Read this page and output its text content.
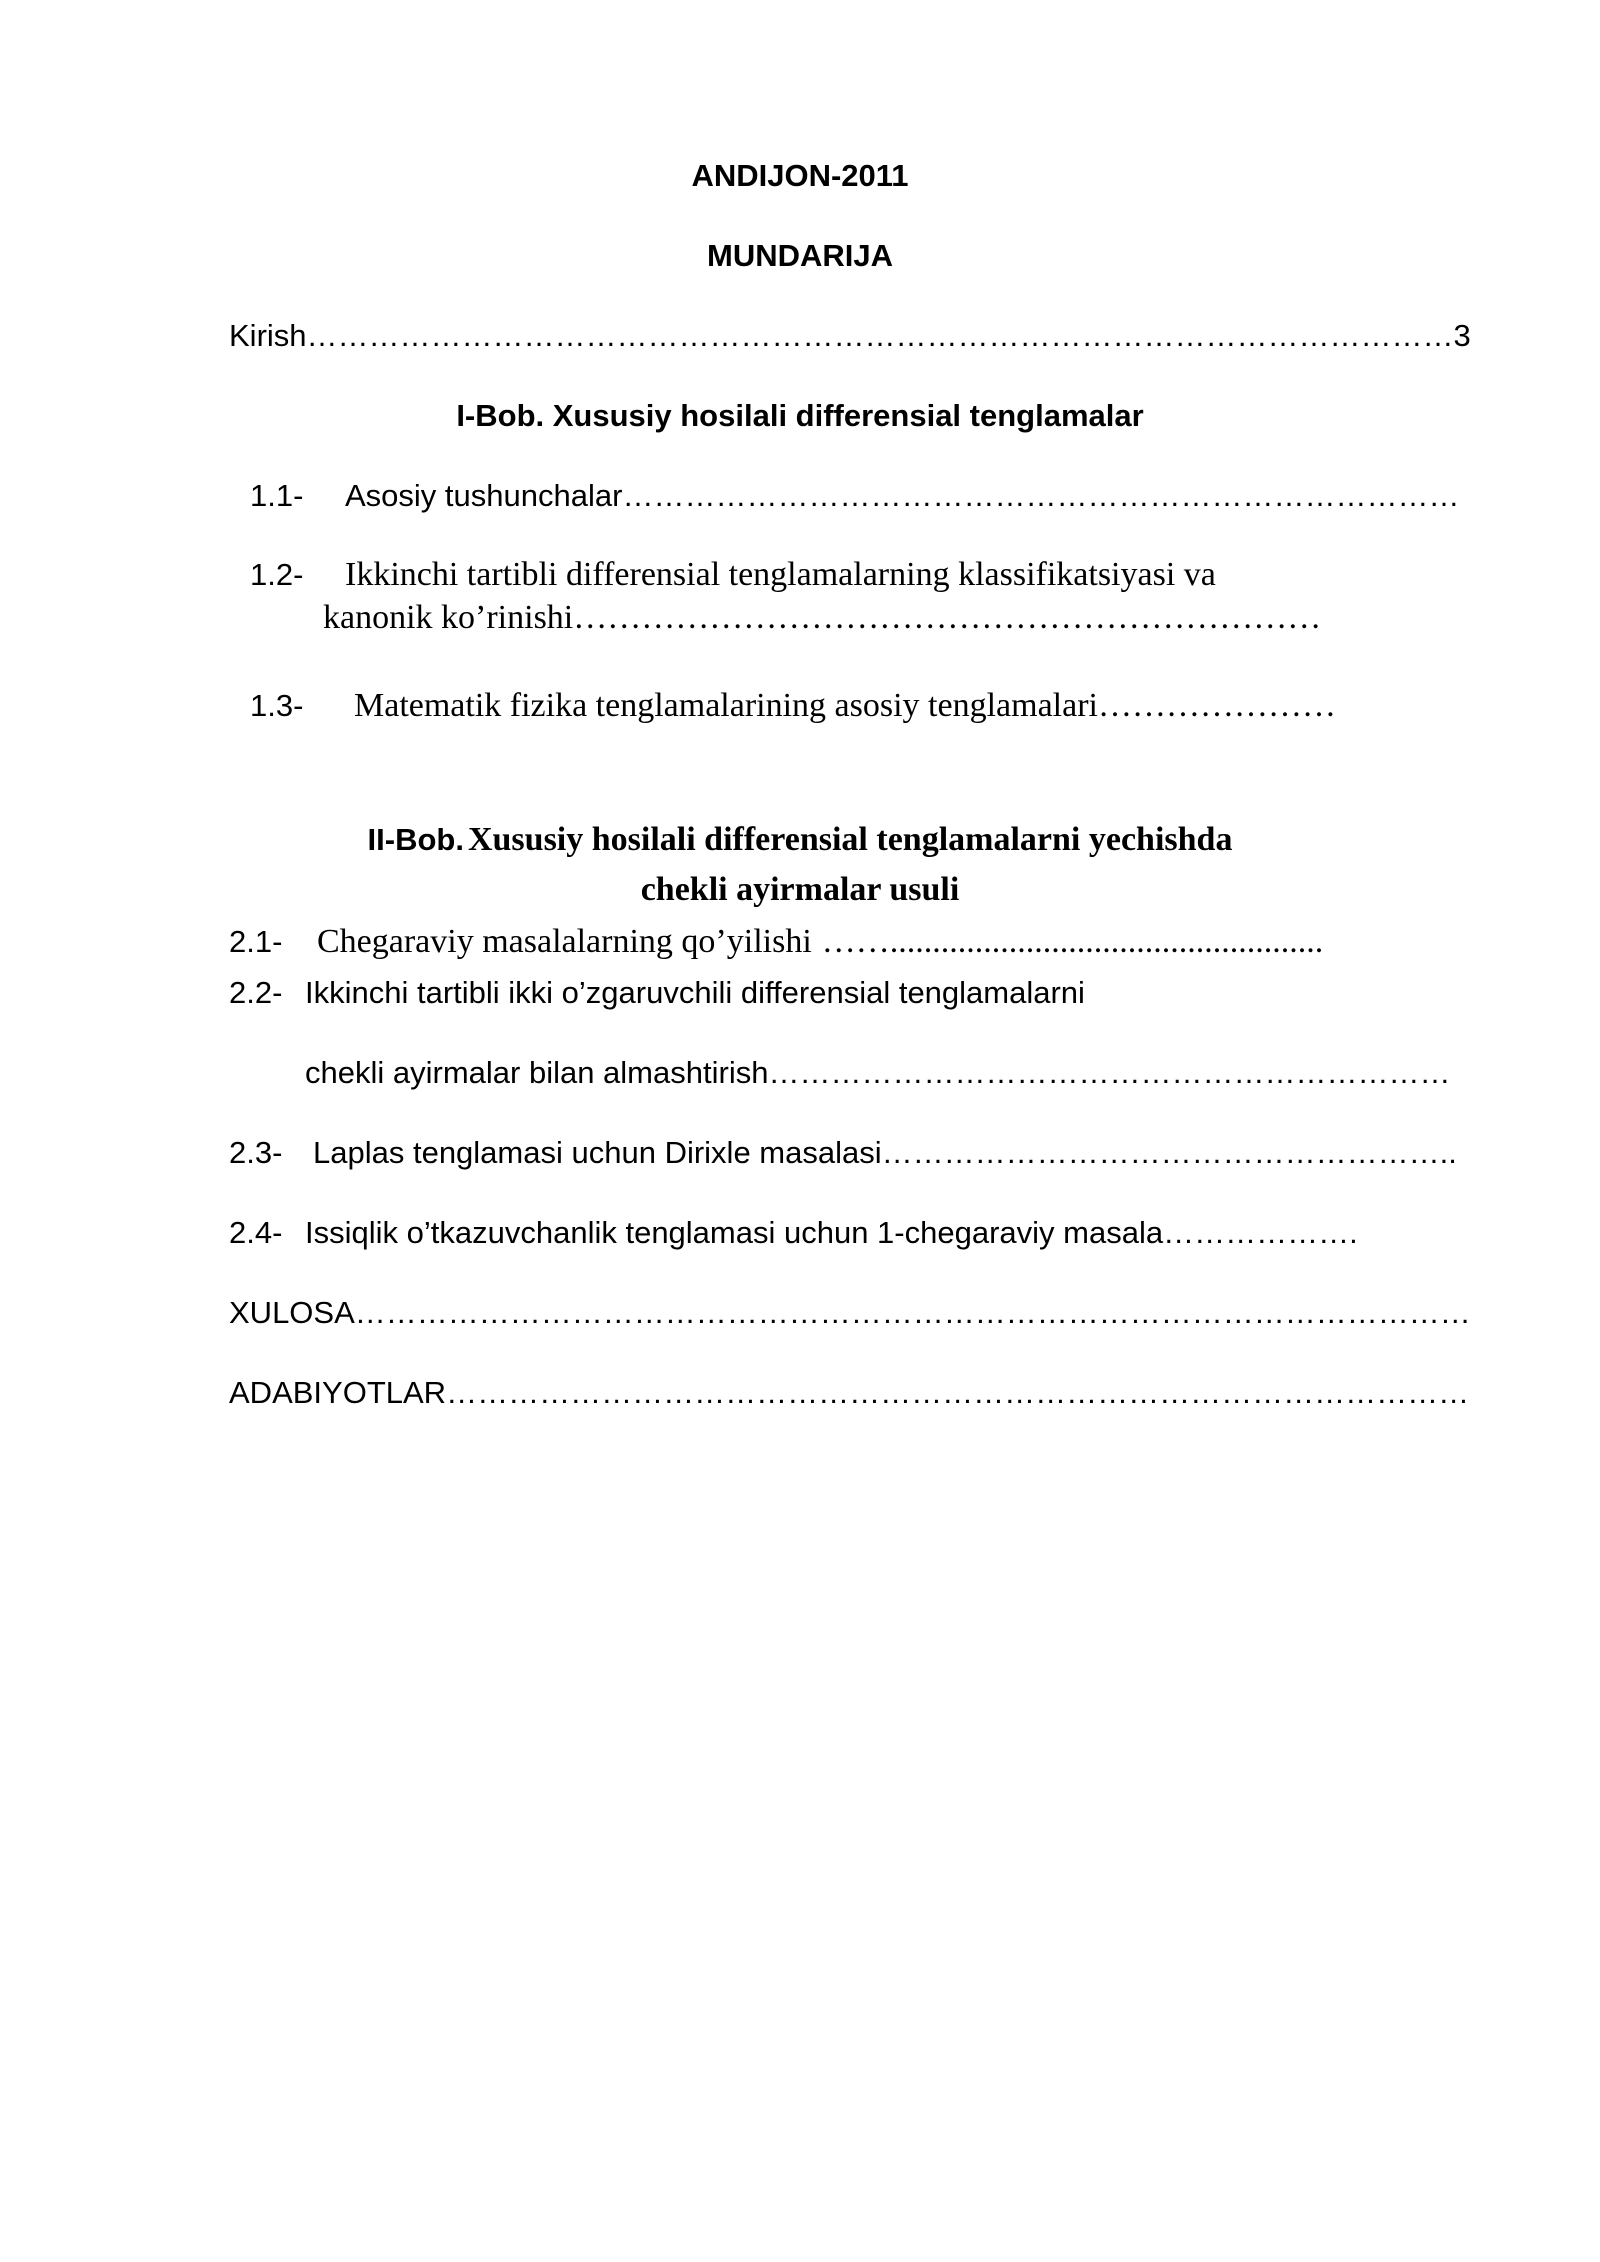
ANDIJON-2011
MUNDARIJA
Kirish…………………………………………………………………………………………………3
I-Bob. Xususiy hosilali differensial tenglamalar
1.1- Asosiy tushunchalar………………………………………………………………………
1.2- Ikkinchi tartibli differensial tenglamalarning klassifikatsiyasi va
kanonik ko’rinishi…………………………………………………………
1.3- Matematik fizika tenglamalarining asosiy tenglamalari…………………
II-Bob. Xususiy hosilali differensial tenglamalarni yechishda
chekli ayirmalar usuli
2.1- Chegaraviy masalalarning qo’yilishi ……...................................................
2.2- Ikkinchi tartibli ikki o’zgaruvchili differensial tenglamalarni
chekli ayirmalar bilan almashtirish…………………………………………………………
2.3- Laplas tenglamasi uchun Dirixle masalasi………………………………………………..
2.4- Issiqlik o’tkazuvchanlik tenglamasi uchun 1-chegaraviy masala……………….
XULOSA………………………………………………………………………………………………
ADABIYOTLAR………………………………………………………………………………………
